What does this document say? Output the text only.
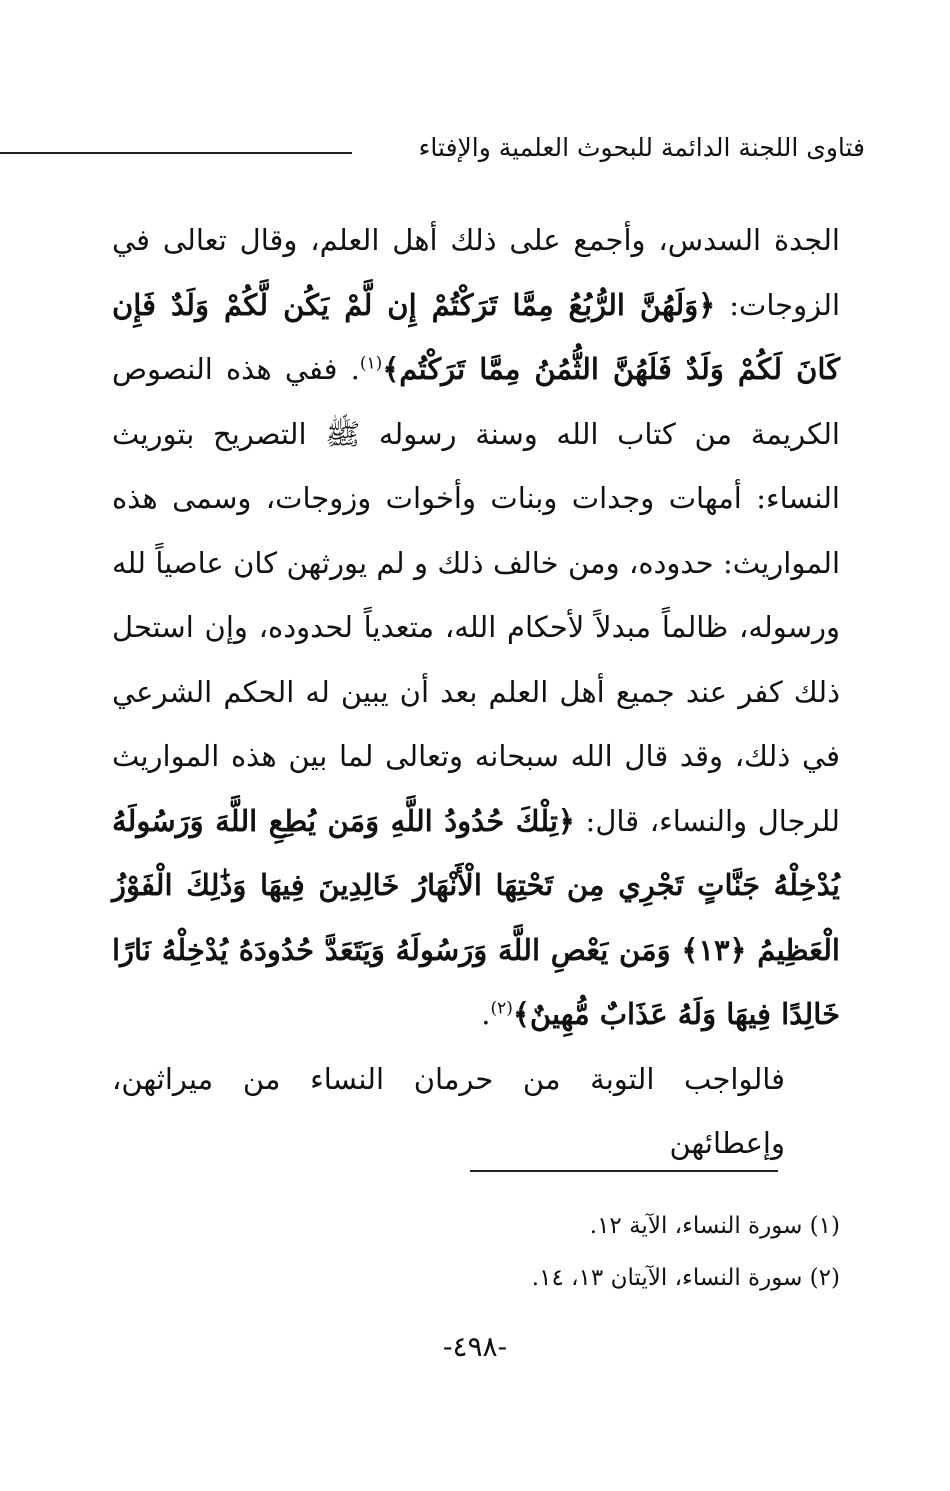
فتاوى اللجنة الدائمة للبحوث العلمية والإفتاء

الجدة السدس، وأجمع على ذلك أهل العلم، وقال تعالى في الزوجات: ﴿وَلَهُنَّ الرُّبُعُ مِمَّا تَرَكْتُمْ إِن لَّمْ يَكُن لَّكُمْ وَلَدٌ فَإِن كَانَ لَكُمْ وَلَدٌ فَلَهُنَّ الثُّمُنُ مِمَّا تَرَكْتُم﴾$^{(١)}$. ففي هذه النصوص الكريمة من كتاب الله وسنة رسوله ﷺ التصريح بتوريث النساء: أمهات وجدات وبنات وأخوات وزوجات، وسمى هذه المواريث: حدوده، ومن خالف ذلك و لم يورثهن كان عاصياً لله ورسوله، ظالماً مبدلاً لأحكام الله، متعدياً لحدوده، وإن استحل ذلك كفر عند جميع أهل العلم بعد أن يبين له الحكم الشرعي في ذلك، وقد قال الله سبحانه وتعالى لما بين هذه المواريث للرجال والنساء، قال: ﴿تِلْكَ حُدُودُ اللَّهِ وَمَن يُطِعِ اللَّهَ وَرَسُولَهُ يُدْخِلْهُ جَنَّاتٍ تَجْرِي مِن تَحْتِهَا الْأَنْهَارُ خَالِدِينَ فِيهَا وَذَٰلِكَ الْفَوْزُ الْعَظِيمُ ﴿١٣﴾ وَمَن يَعْصِ اللَّهَ وَرَسُولَهُ وَيَتَعَدَّ حُدُودَهُ يُدْخِلْهُ نَارًا خَالِدًا فِيهَا وَلَهُ عَذَابٌ مُّهِينٌ﴾$^{(٢)}$.

فالواجب التوبة من حرمان النساء من ميراثهن، وإعطائهن

(١) سورة النساء، الآية ١٢.
(٢) سورة النساء، الآيتان ١٣، ١٤.
-٤٩٨-
